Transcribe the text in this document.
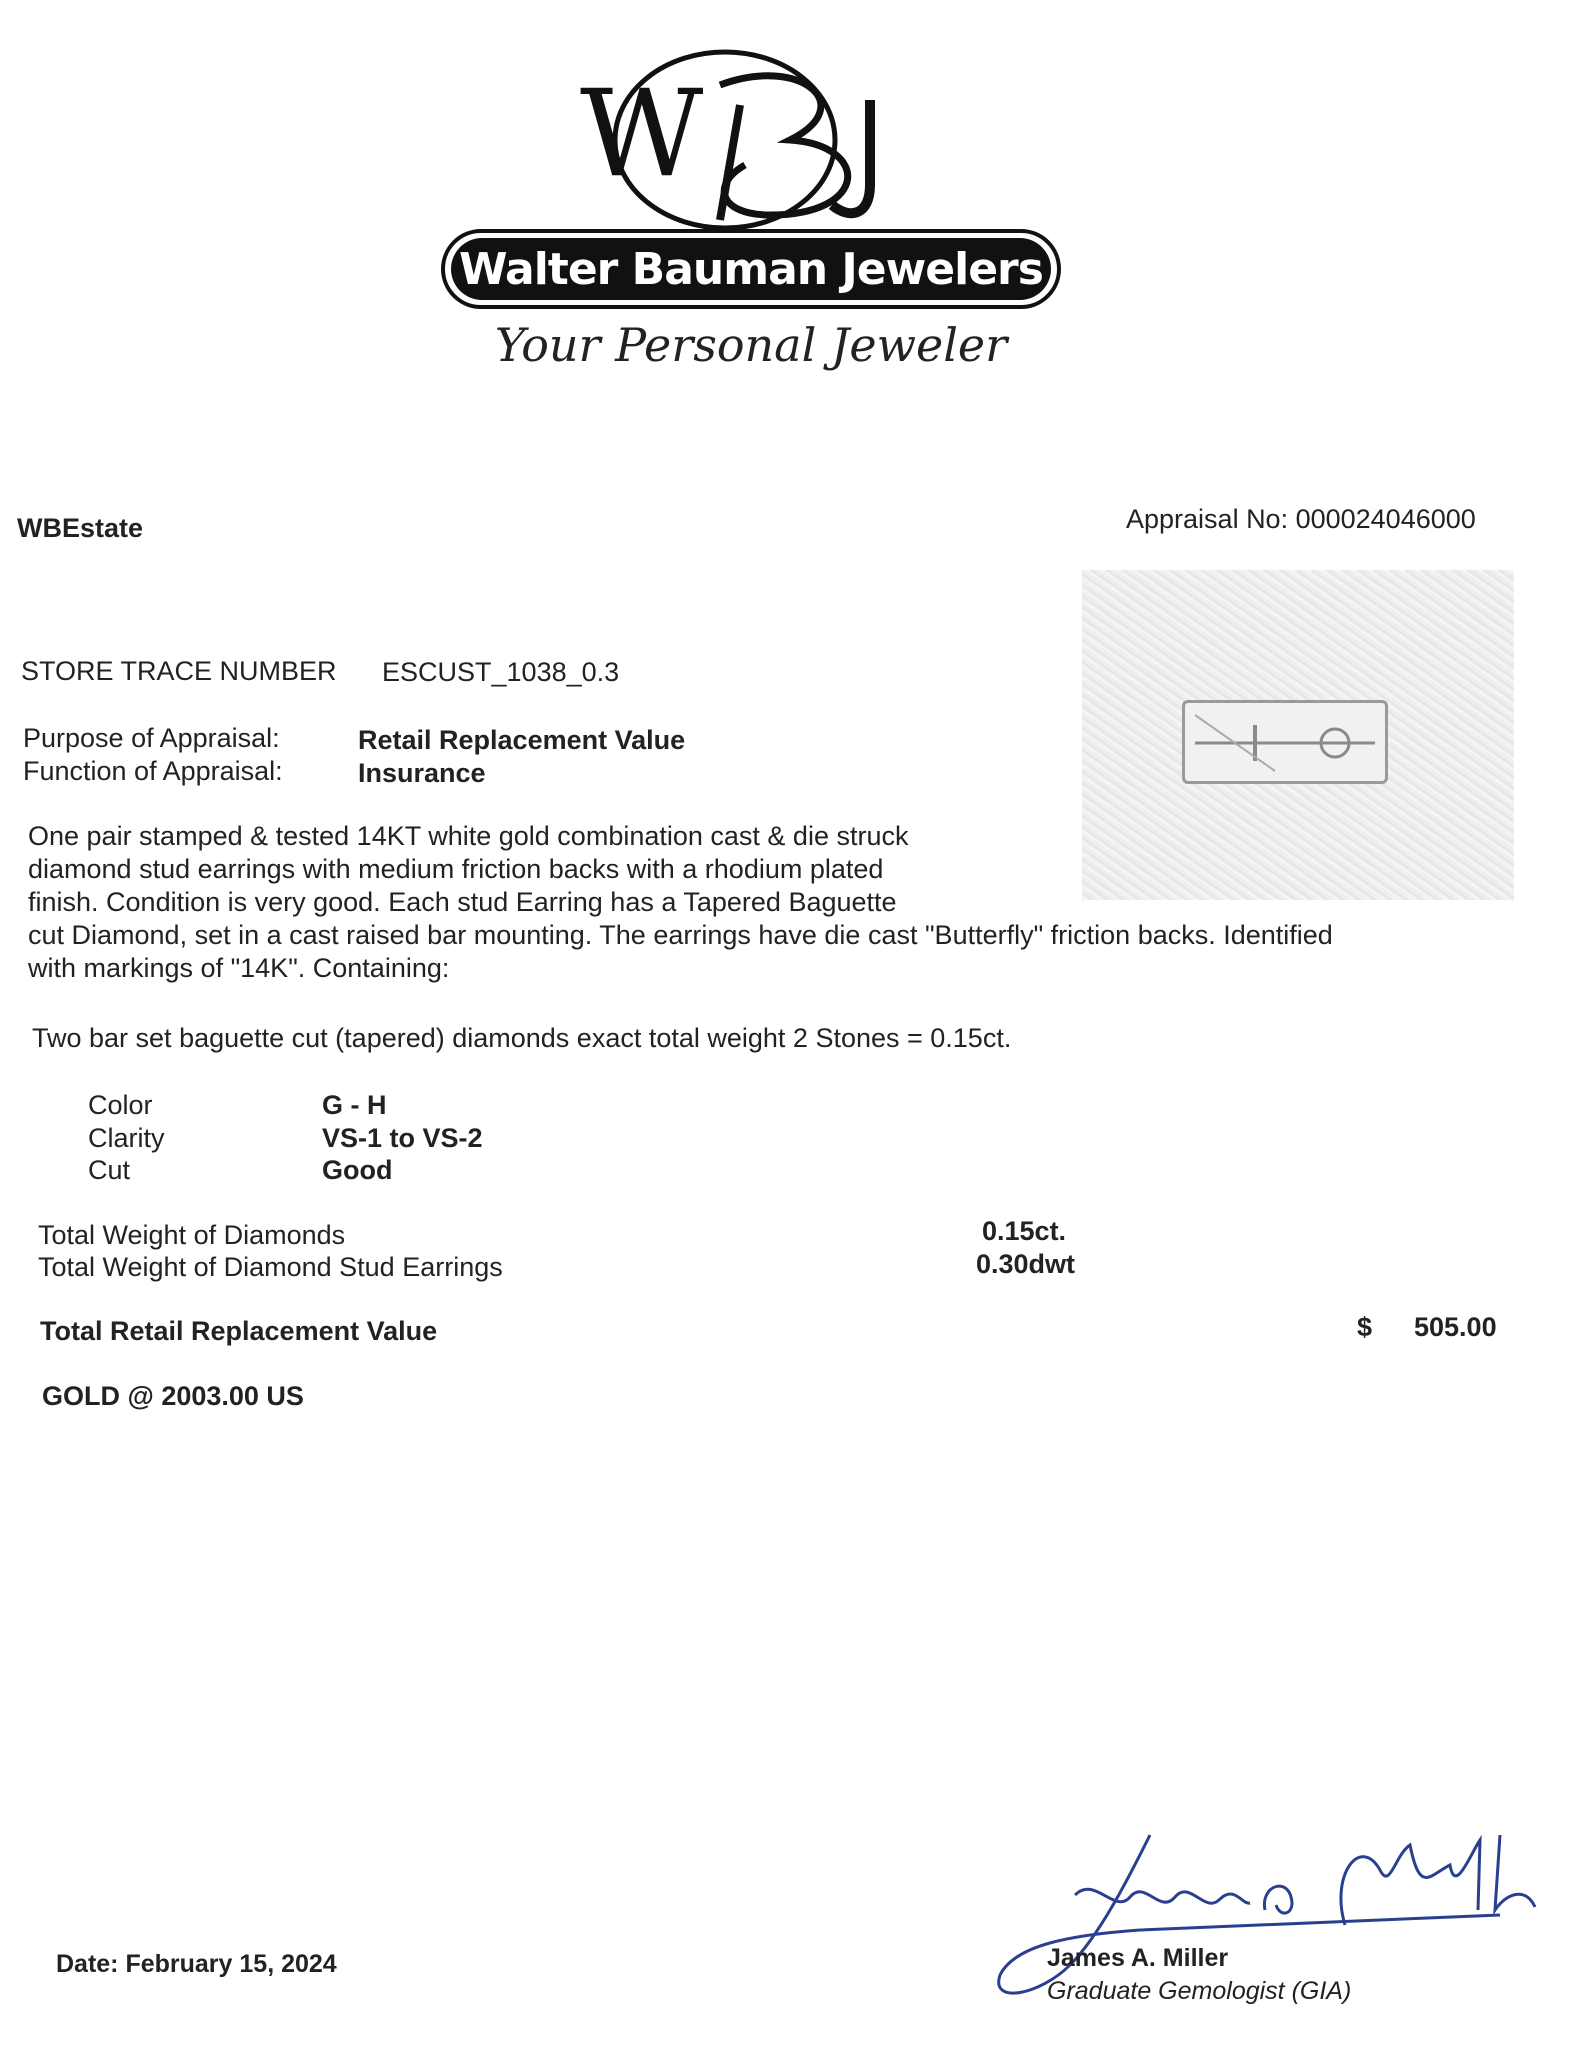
W
Walter Bauman Jewelers
Your Personal Jeweler
WBEstate	Appraisal No: 000024046000
STORE TRACE NUMBER ESCUST_1038_0.3
Purpose of Appraisal:	Retail Replacement Value
Function of Appraisal:	Insurance
One pair stamped & tested 14KT white gold combination cast & die struck
diamond stud earrings with medium friction backs with a rhodium plated
finish. Condition is very good. Each stud Earring has a Tapered Baguette
cut Diamond, set in a cast raised bar mounting. The earrings have die cast "Butterfly" friction backs. Identified
with markings of "14K". Containing:
Two bar set baguette cut (tapered) diamonds exact total weight 2 Stones = 0.15ct.
Color	G - H
Clarity	VS-1 to VS-2
Cut	Good
Total Weight of Diamonds	0.15ct.
Total Weight of Diamond Stud Earrings	0.30dwt
Total Retail Replacement Value	$ 505.00
GOLD @ 2003.00 US
Date: February 15, 2024	James A. Miller
Graduate Gemologist (GIA)
